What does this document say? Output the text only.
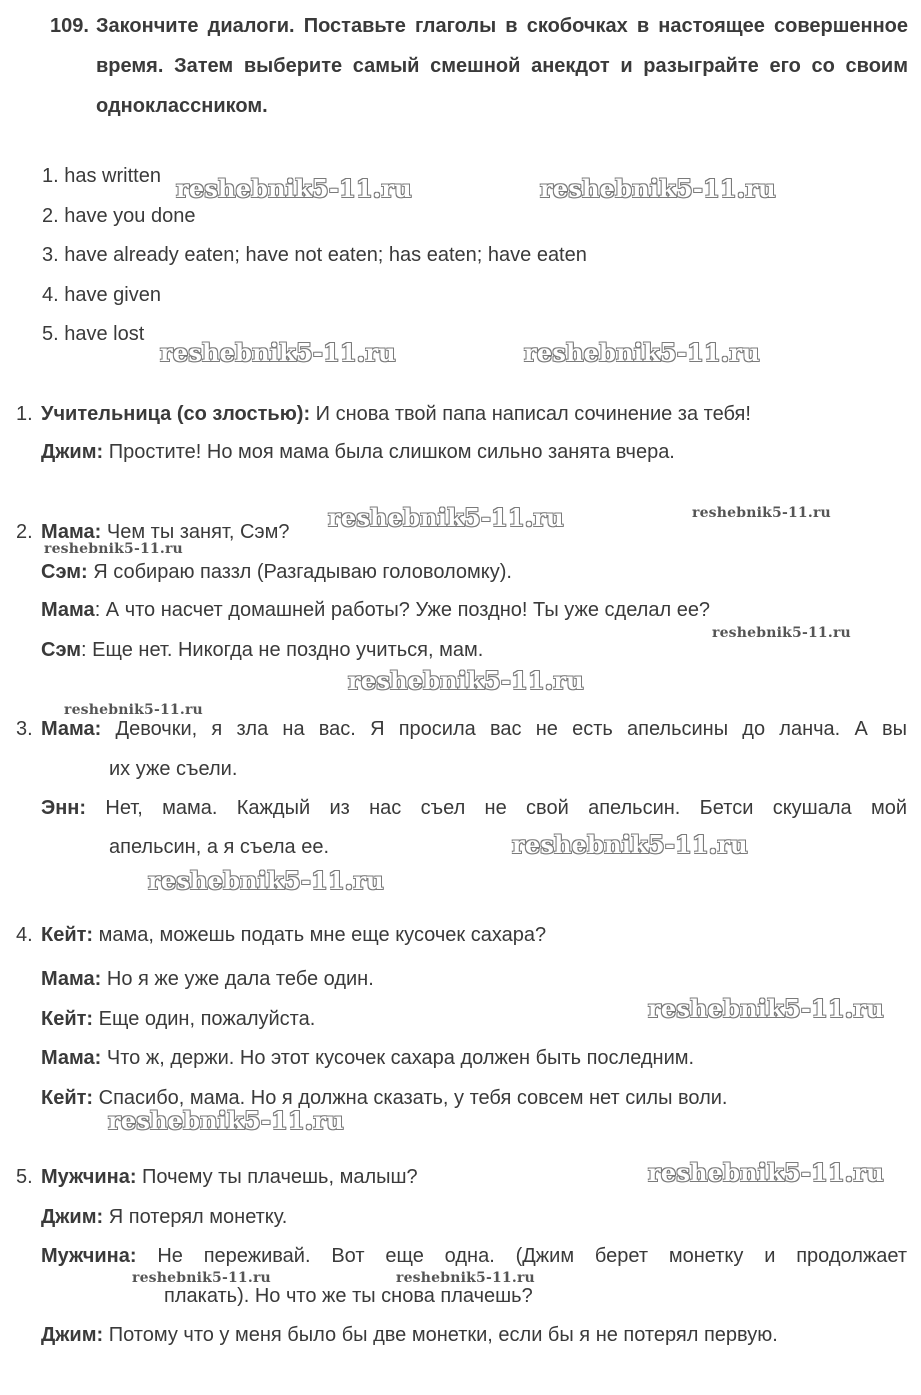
109. Закончите диалоги. Поставьте глаголы в скобочках в настоящее совершенное время. Затем выберите самый смешной анекдот и разыграйте его со своим одноклассником.
1. has written
2. have you done
3. have already eaten; have not eaten; has eaten; have eaten
4. have given
5. have lost
1. Учительница (со злостью): И снова твой папа написал сочинение за тебя!
Джим: Простите! Но моя мама была слишком сильно занята вчера.
2. Мама: Чем ты занят, Сэм?
Сэм: Я собираю паззл (Разгадываю головоломку).
Мама: А что насчет домашней работы? Уже поздно! Ты уже сделал ее?
Сэм: Еще нет. Никогда не поздно учиться, мам.
3. Мама: Девочки, я зла на вас. Я просила вас не есть апельсины до ланча. А вы
их уже съели.
Энн: Нет, мама. Каждый из нас съел не свой апельсин. Бетси скушала мой
апельсин, а я съела ее.
4. Кейт: мама, можешь подать мне еще кусочек сахара?
Мама: Но я же уже дала тебе один.
Кейт: Еще один, пожалуйста.
Мама: Что ж, держи. Но этот кусочек сахара должен быть последним.
Кейт: Спасибо, мама. Но я должна сказать, у тебя совсем нет силы воли.
5. Мужчина: Почему ты плачешь, малыш?
Джим: Я потерял монетку.
Мужчина: Не переживай. Вот еще одна. (Джим берет монетку и продолжает
плакать). Но что же ты снова плачешь?
Джим: Потому что у меня было бы две монетки, если бы я не потерял первую.
reshebnik5-11.ru	reshebnik5-11.ru
reshebnik5-11.ru	reshebnik5-11.ru
reshebnik5-11.ru	reshebnik5-11.ru
reshebnik5-11.ru
reshebnik5-11.ru
reshebnik5-11.ru
reshebnik5-11.ru
reshebnik5-11.ru
reshebnik5-11.ru
reshebnik5-11.ru
reshebnik5-11.ru
reshebnik5-11.ru
reshebnik5-11.ru	reshebnik5-11.ru
